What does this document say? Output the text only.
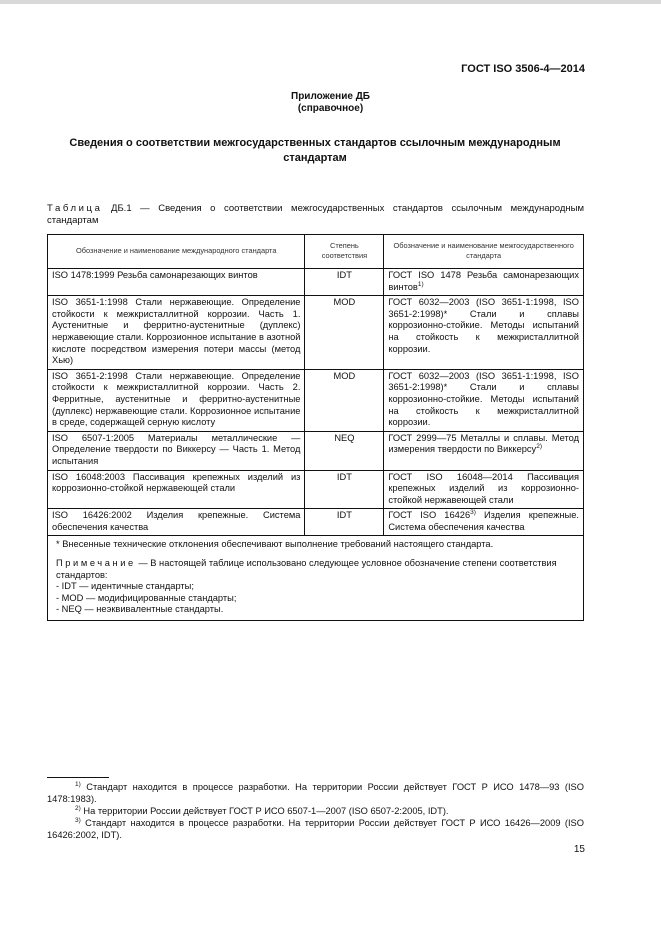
ГОСТ ISO 3506-4—2014
Приложение ДБ
(справочное)
Сведения о соответствии межгосударственных стандартов ссылочным международным стандартам
Таблица ДБ.1 — Сведения о соответствии межгосударственных стандартов ссылочным международным стандартам
Обозначение и наименование международного стандарта	Степень соответствия	Обозначение и наименование межгосударственного стандарта
ISO 1478:1999 Резьба самонарезающих винтов	IDT	ГОСТ ISO 1478 Резьба самонарезающих винтов$^{1)}$
ISO 3651-1:1998 Стали нержавеющие. Определение стойкости к межкристаллитной коррозии. Часть 1. Аустенитные и ферритно-аустенитные (дуплекс) нержавеющие стали. Коррозионное испытание в азотной кислоте посредством измерения потери массы (метод Хью)	MOD	ГОСТ 6032—2003 (ISO 3651-1:1998, ISO 3651-2:1998)* Стали и сплавы коррозионно-стойкие. Методы испытаний на стойкость к межкристаллитной коррозии.
ISO 3651-2:1998 Стали нержавеющие. Определение стойкости к межкристаллитной коррозии. Часть 2. Ферритные, аустенитные и ферритно-аустенитные (дуплекс) нержавеющие стали. Коррозионное испытание в среде, содержащей серную кислоту	MOD	ГОСТ 6032—2003 (ISO 3651-1:1998, ISO 3651-2:1998)* Стали и сплавы коррозионно-стойкие. Методы испытаний на стойкость к межкристаллитной коррозии.
ISO 6507-1:2005 Материалы металлические — Определение твердости по Виккерсу — Часть 1. Метод испытания	NEQ	ГОСТ 2999—75 Металлы и сплавы. Метод измерения твердости по Виккерсу$^{2)}$
ISO 16048:2003 Пассивация крепежных изделий из коррозионно-стойкой нержавеющей стали	IDT	ГОСТ ISO 16048—2014 Пассивация крепежных изделий из коррозионно-стойкой нержавеющей стали
ISO 16426:2002 Изделия крепежные. Система обеспечения качества	IDT	ГОСТ ISO 16426$^{3)}$ Изделия крепежные. Система обеспечения качества

* Внесенные технические отклонения обеспечивают выполнение требований настоящего стандарта.
Примечание — В настоящей таблице использовано следующее условное обозначение степени соответствия стандартов:
- IDT — идентичные стандарты;
- MOD — модифицированные стандарты;
- NEQ — неэквивалентные стандарты.		
$^{1)}$ Стандарт находится в процессе разработки. На территории России действует ГОСТ Р ИСО 1478—93 (ISO 1478:1983).
$^{2)}$ На территории России действует ГОСТ Р ИСО 6507-1—2007 (ISO 6507-2:2005, IDT).
$^{3)}$ Стандарт находится в процессе разработки. На территории России действует ГОСТ Р ИСО 16426—2009 (ISO 16426:2002, IDT).
15
